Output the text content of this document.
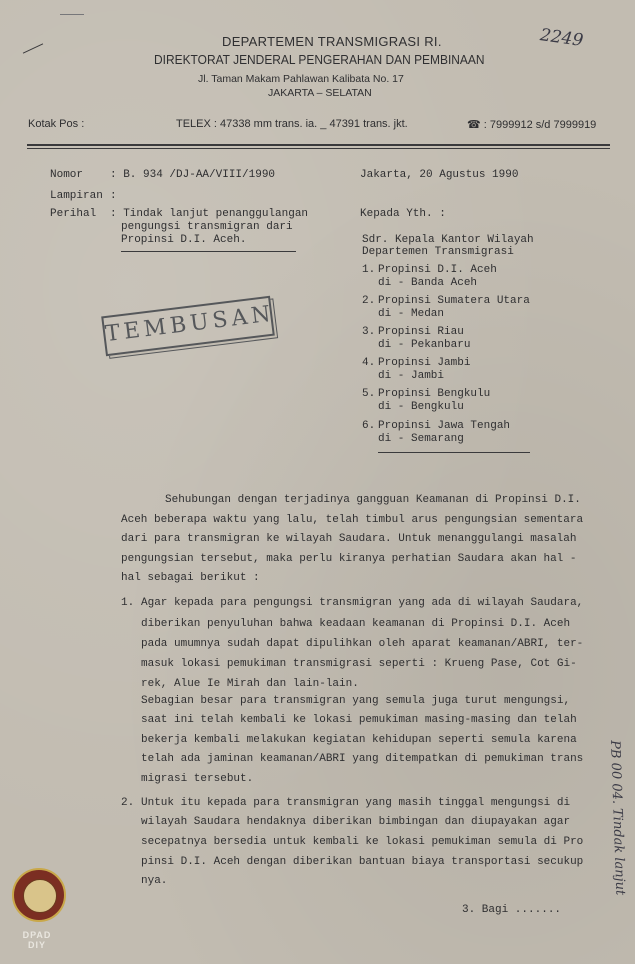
DEPARTEMEN TRANSMIGRASI RI.
DIREKTORAT JENDERAL PENGERAHAN DAN PEMBINAAN
Jl. Taman Makam Pahlawan Kalibata No. 17
JAKARTA – SELATAN
Kotak Pos :	TELEX : 47338 mm trans. ia. _ 47391 trans. jkt.	☎ : 7999912 s/d 7999919
2249
Nomor : B. 934 /DJ-AA/VIII/1990
Lampiran :
Perihal : Tindak lanjut penanggulangan
pengungsi transmigran dari
Propinsi D.I. Aceh.
Jakarta, 20 Agustus 1990
Kepada Yth. :
Sdr. Kepala Kantor Wilayah
Departemen Transmigrasi
1. Propinsi D.I. Aceh
di - Banda Aceh
2. Propinsi Sumatera Utara
di - Medan
3. Propinsi Riau
di - Pekanbaru
4. Propinsi Jambi
di - Jambi
5. Propinsi Bengkulu
di - Bengkulu
6. Propinsi Jawa Tengah
di - Semarang
TEMBUSAN
Sehubungan dengan terjadinya gangguan Keamanan di Propinsi D.I.
Aceh beberapa waktu yang lalu, telah timbul arus pengungsian sementara
dari para transmigran ke wilayah Saudara. Untuk menanggulangi masalah
pengungsian tersebut, maka perlu kiranya perhatian Saudara akan hal -
hal sebagai berikut :
1. Agar kepada para pengungsi transmigran yang ada di wilayah Saudara,
diberikan penyuluhan bahwa keadaan keamanan di Propinsi D.I. Aceh
pada umumnya sudah dapat dipulihkan oleh aparat keamanan/ABRI, ter-
masuk lokasi pemukiman transmigrasi seperti : Krueng Pase, Cot Gi-
rek, Alue Ie Mirah dan lain-lain.
Sebagian besar para transmigran yang semula juga turut mengungsi,
saat ini telah kembali ke lokasi pemukiman masing-masing dan telah
bekerja kembali melakukan kegiatan kehidupan seperti semula karena
telah ada jaminan keamanan/ABRI yang ditempatkan di pemukiman trans
migrasi tersebut.
2. Untuk itu kepada para transmigran yang masih tinggal mengungsi di
wilayah Saudara hendaknya diberikan bimbingan dan diupayakan agar
secepatnya bersedia untuk kembali ke lokasi pemukiman semula di Pro
pinsi D.I. Aceh dengan diberikan bantuan biaya transportasi secukup
nya.
3. Bagi .......
PB 00 04. Tindak lanjut
DPAD
DIY
